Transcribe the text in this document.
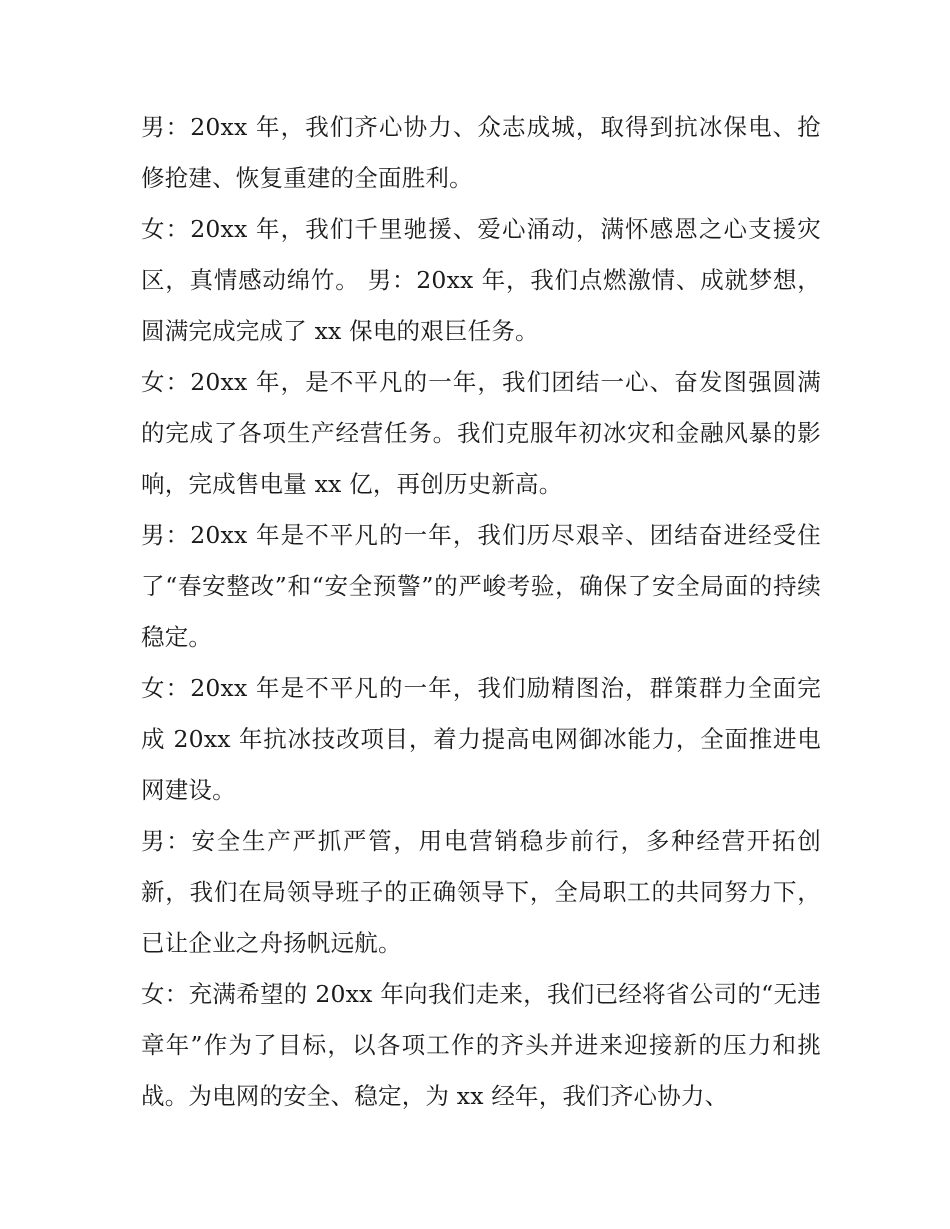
男：20xx 年，我们齐心协力、众志成城，取得到抗冰保电、抢修抢建、恢复重建的全面胜利。

女：20xx 年，我们千里驰援、爱心涌动，满怀感恩之心支援灾区，真情感动绵竹。 男：20xx 年，我们点燃激情、成就梦想，圆满完成完成了 xx 保电的艰巨任务。

女：20xx 年，是不平凡的一年，我们团结一心、奋发图强圆满的完成了各项生产经营任务。我们克服年初冰灾和金融风暴的影响，完成售电量 xx 亿，再创历史新高。

男：20xx 年是不平凡的一年，我们历尽艰辛、团结奋进经受住了“春安整改”和“安全预警”的严峻考验，确保了安全局面的持续稳定。

女：20xx 年是不平凡的一年，我们励精图治，群策群力全面完成 20xx 年抗冰技改项目，着力提高电网御冰能力，全面推进电网建设。

男：安全生产严抓严管，用电营销稳步前行，多种经营开拓创新，我们在局领导班子的正确领导下，全局职工的共同努力下，已让企业之舟扬帆远航。

女：充满希望的 20xx 年向我们走来，我们已经将省公司的“无违章年”作为了目标，以各项工作的齐头并进来迎接新的压力和挑战。为电网的安全、稳定，为 xx 经年，我们齐心协力、
